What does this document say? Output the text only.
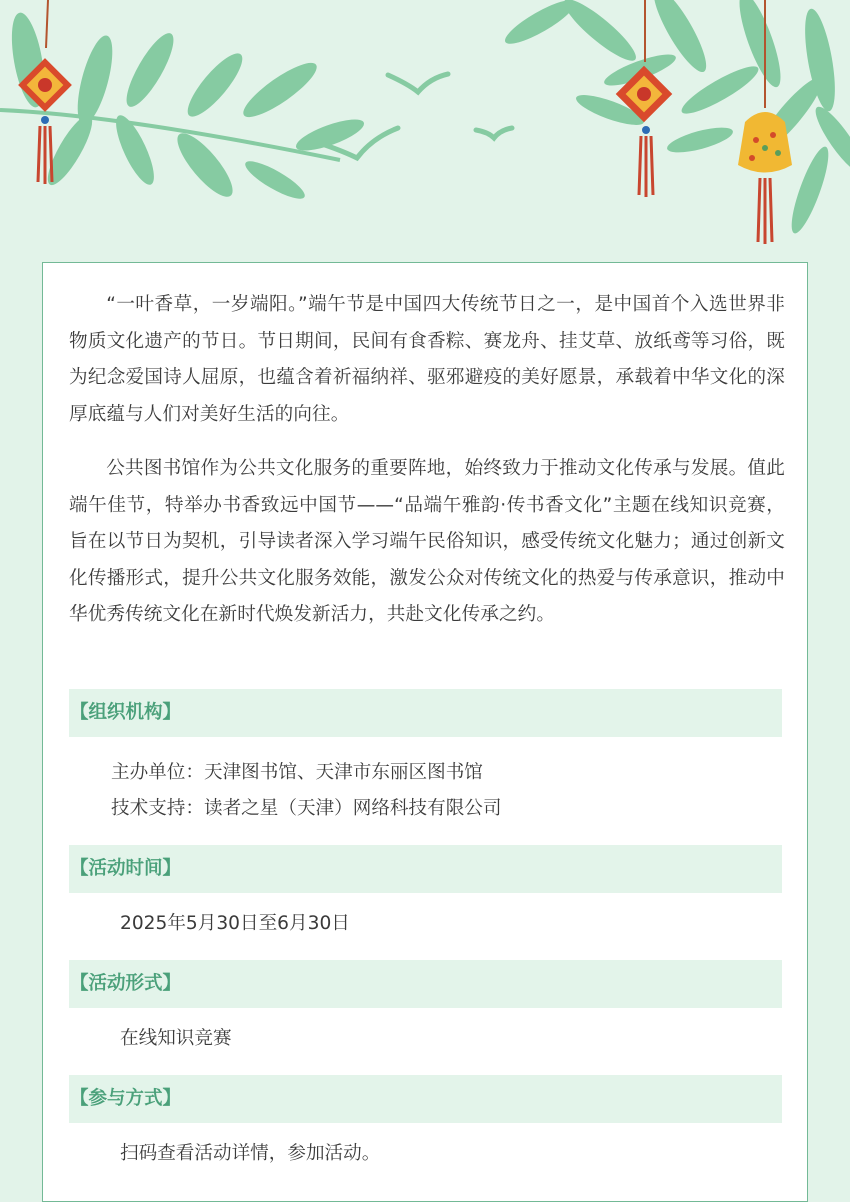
“一叶香草，一岁端阳。”端午节是中国四大传统节日之一，是中国首个入选世界非物质文化遗产的节日。节日期间，民间有食香粽、赛龙舟、挂艾草、放纸鸢等习俗，既为纪念爱国诗人屈原，也蕴含着祈福纳祥、驱邪避疫的美好愿景，承载着中华文化的深厚底蕴与人们对美好生活的向往。

公共图书馆作为公共文化服务的重要阵地，始终致力于推动文化传承与发展。值此端午佳节，特举办书香致远中国节——“品端午雅韵·传书香文化”主题在线知识竞赛，旨在以节日为契机，引导读者深入学习端午民俗知识，感受传统文化魅力；通过创新文化传播形式，提升公共文化服务效能，激发公众对传统文化的热爱与传承意识，推动中华优秀传统文化在新时代焕发新活力，共赴文化传承之约。

【组织机构】
主办单位：天津图书馆、天津市东丽区图书馆
技术支持：读者之星（天津）网络科技有限公司
【活动时间】
2025年5月30日至6月30日
【活动形式】
在线知识竞赛
【参与方式】
扫码查看活动详情，参加活动。
